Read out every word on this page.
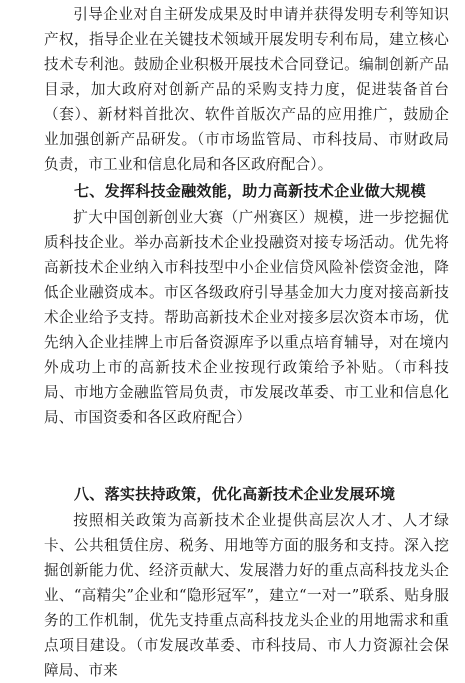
引导企业对自主研发成果及时申请并获得发明专利等知识产权，指导企业在关键技术领域开展发明专利布局，建立核心技术专利池。鼓励企业积极开展技术合同登记。编制创新产品目录，加大政府对创新产品的采购支持力度，促进装备首台（套）、新材料首批次、软件首版次产品的应用推广，鼓励企业加强创新产品研发。（市市场监管局、市科技局、市财政局负责，市工业和信息化局和各区政府配合）。

七、发挥科技金融效能，助力高新技术企业做大规模

扩大中国创新创业大赛（广州赛区）规模，进一步挖掘优质科技企业。举办高新技术企业投融资对接专场活动。优先将高新技术企业纳入市科技型中小企业信贷风险补偿资金池，降低企业融资成本。市区各级政府引导基金加大力度对接高新技术企业给予支持。帮助高新技术企业对接多层次资本市场，优先纳入企业挂牌上市后备资源库予以重点培育辅导，对在境内外成功上市的高新技术企业按现行政策给予补贴。（市科技局、市地方金融监管局负责，市发展改革委、市工业和信息化局、市国资委和各区政府配合）

八、落实扶持政策，优化高新技术企业发展环境

按照相关政策为高新技术企业提供高层次人才、人才绿卡、公共租赁住房、税务、用地等方面的服务和支持。深入挖掘创新能力优、经济贡献大、发展潜力好的重点高科技龙头企业、“高精尖”企业和“隐形冠军”，建立“一对一”联系、贴身服务的工作机制，优先支持重点高科技龙头企业的用地需求和重点项目建设。（市发展改革委、市科技局、市人力资源社会保障局、市来
